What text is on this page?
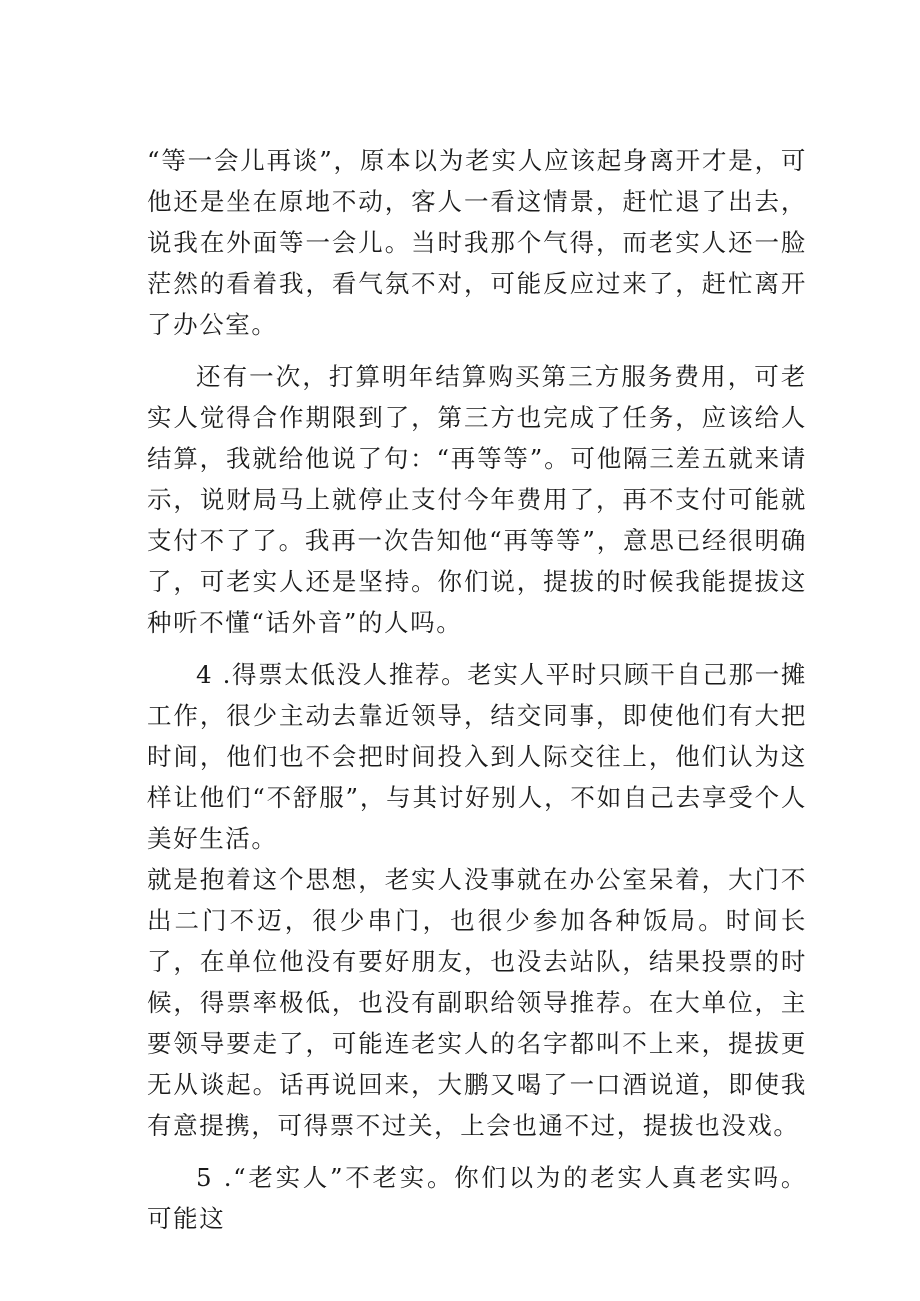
“等一会儿再谈”，原本以为老实人应该起身离开才是，可他还是坐在原地不动，客人一看这情景，赶忙退了出去，说我在外面等一会儿。当时我那个气得，而老实人还一脸茫然的看着我，看气氛不对，可能反应过来了，赶忙离开了办公室。

还有一次，打算明年结算购买第三方服务费用，可老实人觉得合作期限到了，第三方也完成了任务，应该给人结算，我就给他说了句：“再等等”。可他隔三差五就来请示，说财局马上就停止支付今年费用了，再不支付可能就支付不了了。我再一次告知他“再等等”，意思已经很明确了，可老实人还是坚持。你们说，提拔的时候我能提拔这种听不懂“话外音”的人吗。

4 .得票太低没人推荐。老实人平时只顾干自己那一摊工作，很少主动去靠近领导，结交同事，即使他们有大把时间，他们也不会把时间投入到人际交往上，他们认为这样让他们“不舒服”，与其讨好别人，不如自己去享受个人美好生活。

就是抱着这个思想，老实人没事就在办公室呆着，大门不出二门不迈，很少串门，也很少参加各种饭局。时间长了，在单位他没有要好朋友，也没去站队，结果投票的时候，得票率极低，也没有副职给领导推荐。在大单位，主要领导要走了，可能连老实人的名字都叫不上来，提拔更无从谈起。话再说回来，大鹏又喝了一口酒说道，即使我有意提携，可得票不过关，上会也通不过，提拔也没戏。

5 .“老实人”不老实。你们以为的老实人真老实吗。可能这
